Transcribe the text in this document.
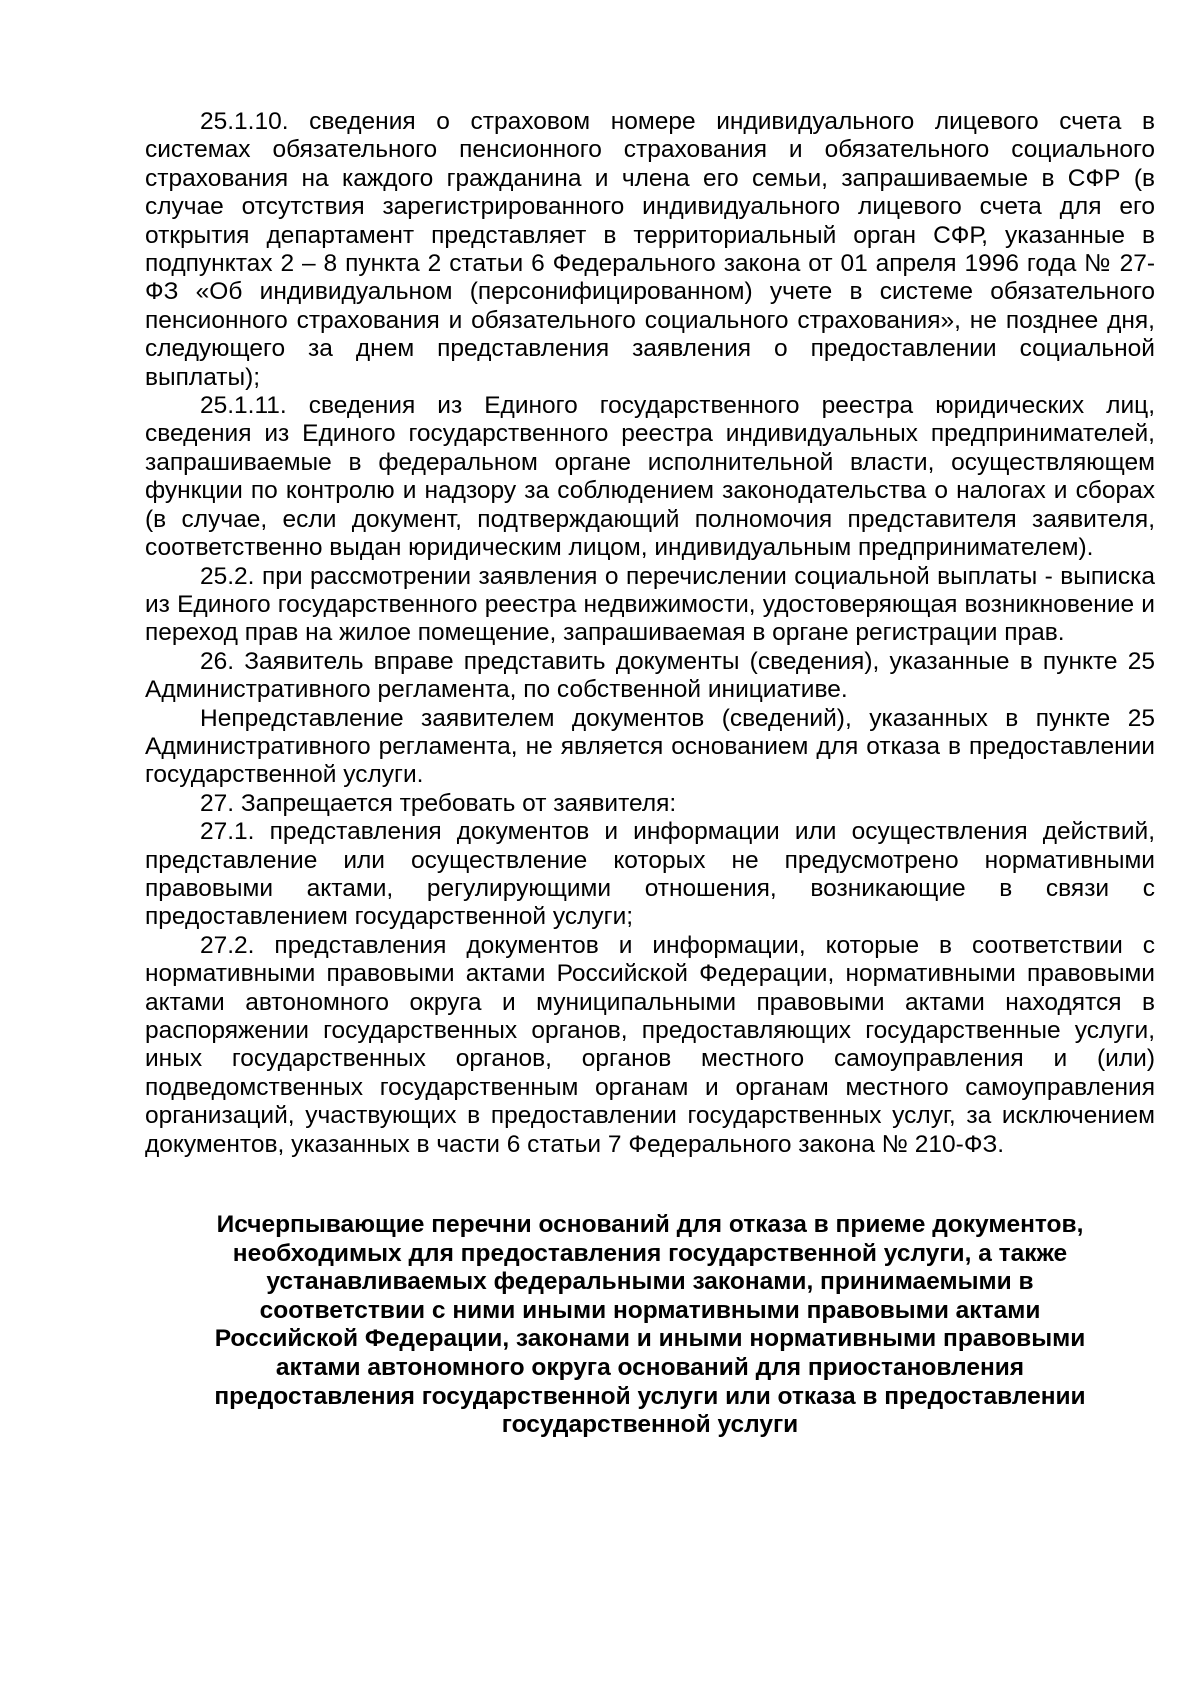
25.1.10. сведения о страховом номере индивидуального лицевого счета в системах обязательного пенсионного страхования и обязательного социального страхования на каждого гражданина и члена его семьи, запрашиваемые в СФР (в случае отсутствия зарегистрированного индивидуального лицевого счета для его открытия департамент представляет в территориальный орган СФР, указанные в подпунктах 2 – 8 пункта 2 статьи 6 Федерального закона от 01 апреля 1996 года № 27-ФЗ «Об индивидуальном (персонифицированном) учете в системе обязательного пенсионного страхования и обязательного социального страхования», не позднее дня, следующего за днем представления заявления о предоставлении социальной выплаты);

25.1.11. сведения из Единого государственного реестра юридических лиц, сведения из Единого государственного реестра индивидуальных предпринимателей, запрашиваемые в федеральном органе исполнительной власти, осуществляющем функции по контролю и надзору за соблюдением законодательства о налогах и сборах (в случае, если документ, подтверждающий полномочия представителя заявителя, соответственно выдан юридическим лицом, индивидуальным предпринимателем).

25.2. при рассмотрении заявления о перечислении социальной выплаты - выписка из Единого государственного реестра недвижимости, удостоверяющая возникновение и переход прав на жилое помещение, запрашиваемая в органе регистрации прав.

26. Заявитель вправе представить документы (сведения), указанные в пункте 25 Административного регламента, по собственной инициативе.

Непредставление заявителем документов (сведений), указанных в пункте 25 Административного регламента, не является основанием для отказа в предоставлении государственной услуги.

27. Запрещается требовать от заявителя:

27.1. представления документов и информации или осуществления действий, представление или осуществление которых не предусмотрено нормативными правовыми актами, регулирующими отношения, возникающие в связи с предоставлением государственной услуги;

27.2. представления документов и информации, которые в соответствии с нормативными правовыми актами Российской Федерации, нормативными правовыми актами автономного округа и муниципальными правовыми актами находятся в распоряжении государственных органов, предоставляющих государственные услуги, иных государственных органов, органов местного самоуправления и (или) подведомственных государственным органам и органам местного самоуправления организаций, участвующих в предоставлении государственных услуг, за исключением документов, указанных в части 6 статьи 7 Федерального закона № 210-ФЗ.

Исчерпывающие перечни оснований для отказа в приеме документов, необходимых для предоставления государственной услуги, а также устанавливаемых федеральными законами, принимаемыми в соответствии с ними иными нормативными правовыми актами Российской Федерации, законами и иными нормативными правовыми актами автономного округа оснований для приостановления предоставления государственной услуги или отказа в предоставлении государственной услуги
